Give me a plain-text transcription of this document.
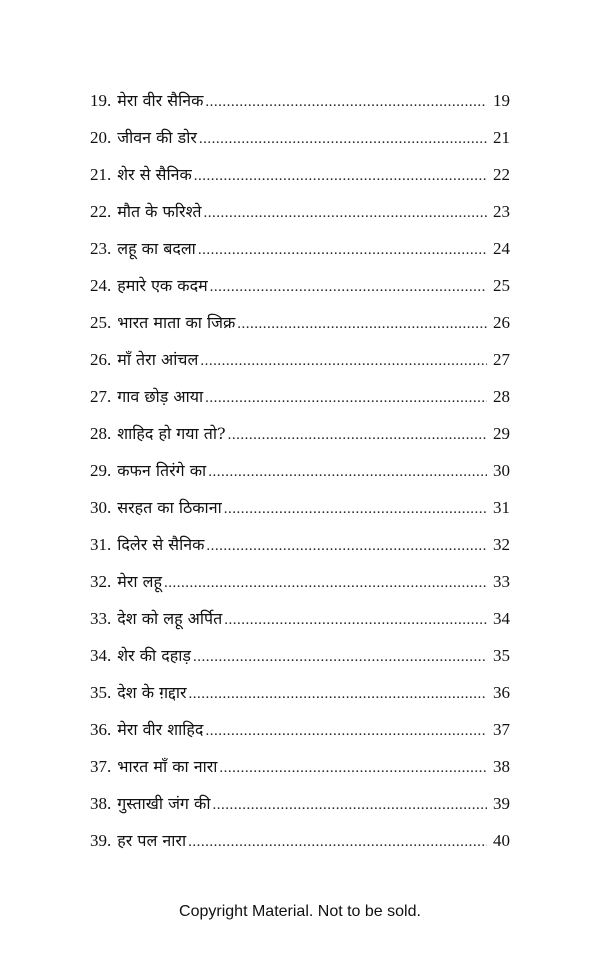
19. मेरा वीर सैनिक .....	19
20. जीवन की डोर .....	21
21. शेर से सैनिक .....	22
22. मौत के फरिश्ते .....	23
23. लहू का बदला .....	24
24. हमारे एक कदम .....	25
25. भारत माता का जिक्र .....	26
26. माँ तेरा आंचल .....	27
27. गाव छोड़ आया .....	28
28. शाहिद हो गया तो? .....	29
29. कफन तिरंगे का .....	30
30. सरहत का ठिकाना .....	31
31. दिलेर से सैनिक .....	32
32. मेरा लहू .....	33
33. देश को लहू अर्पित .....	34
34. शेर की दहाड़ .....	35
35. देश के ग़द्दार .....	36
36. मेरा वीर शाहिद .....	37
37. भारत माँ का नारा .....	38
38. गुस्ताखी जंग की .....	39
39. हर पल नारा .....	40
Copyright Material. Not to be sold.
